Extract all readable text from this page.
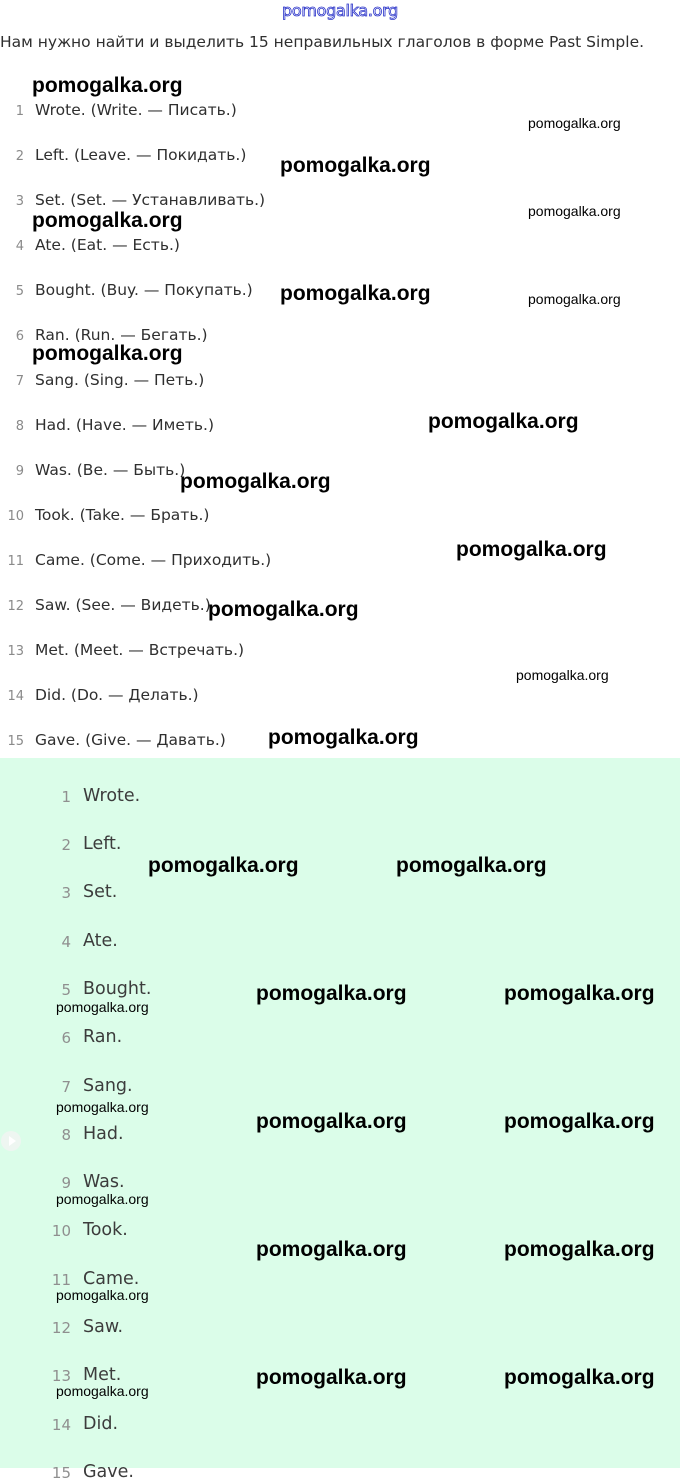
pomogalka.org
Нам нужно найти и выделить 15 неправильных глаголов в форме Past Simple.
1 Wrote. (Write. — Писать.)
2 Left. (Leave. — Покидать.)
3 Set. (Set. — Устанавливать.)
4 Ate. (Eat. — Есть.)
5 Bought. (Buy. — Покупать.)
6 Ran. (Run. — Бегать.)
7 Sang. (Sing. — Петь.)
8 Had. (Have. — Иметь.)
9 Was. (Be. — Быть.)
10 Took. (Take. — Брать.)
11 Came. (Come. — Приходить.)
12 Saw. (See. — Видеть.)
13 Met. (Meet. — Встречать.)
14 Did. (Do. — Делать.)
15 Gave. (Give. — Давать.)
1 Wrote.
2 Left.
3 Set.
4 Ate.
5 Bought.
6 Ran.
7 Sang.
8 Had.
9 Was.
10 Took.
11 Came.
12 Saw.
13 Met.
14 Did.
15 Gave.
pomogalka.org
pomogalka.org
pomogalka.org
pomogalka.org
pomogalka.org
pomogalka.org	pomogalka.org
pomogalka.org
pomogalka.org
pomogalka.org
pomogalka.org
pomogalka.org
pomogalka.org
pomogalka.org
pomogalka.org	pomogalka.org
pomogalka.org	pomogalka.org
pomogalka.org
pomogalka.org
pomogalka.org	pomogalka.org
pomogalka.org
pomogalka.org	pomogalka.org
pomogalka.org
pomogalka.org	pomogalka.org
pomogalka.org
